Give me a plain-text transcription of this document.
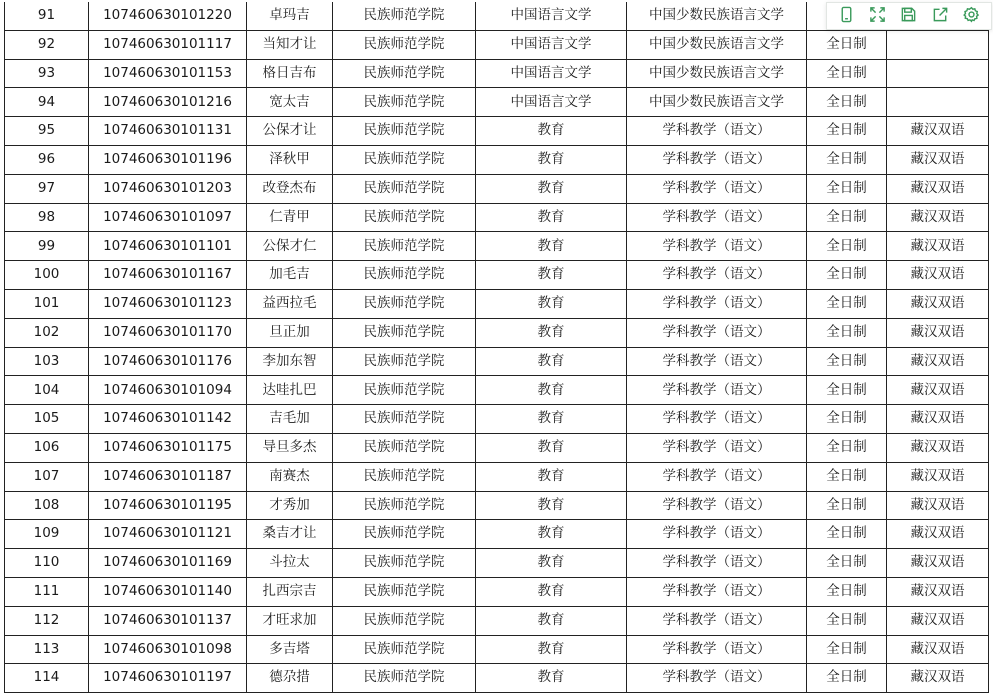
91	107460630101220	卓玛吉	民族师范学院	中国语言文学	中国少数民族语言文学		
92	107460630101117	当知才让	民族师范学院	中国语言文学	中国少数民族语言文学	全日制	
93	107460630101153	格日吉布	民族师范学院	中国语言文学	中国少数民族语言文学	全日制	
94	107460630101216	宽太吉	民族师范学院	中国语言文学	中国少数民族语言文学	全日制	
95	107460630101131	公保才让	民族师范学院	教育	学科教学（语文）	全日制	藏汉双语
96	107460630101196	泽秋甲	民族师范学院	教育	学科教学（语文）	全日制	藏汉双语
97	107460630101203	改登杰布	民族师范学院	教育	学科教学（语文）	全日制	藏汉双语
98	107460630101097	仁青甲	民族师范学院	教育	学科教学（语文）	全日制	藏汉双语
99	107460630101101	公保才仁	民族师范学院	教育	学科教学（语文）	全日制	藏汉双语
100	107460630101167	加毛吉	民族师范学院	教育	学科教学（语文）	全日制	藏汉双语
101	107460630101123	益西拉毛	民族师范学院	教育	学科教学（语文）	全日制	藏汉双语
102	107460630101170	旦正加	民族师范学院	教育	学科教学（语文）	全日制	藏汉双语
103	107460630101176	李加东智	民族师范学院	教育	学科教学（语文）	全日制	藏汉双语
104	107460630101094	达哇扎巴	民族师范学院	教育	学科教学（语文）	全日制	藏汉双语
105	107460630101142	吉毛加	民族师范学院	教育	学科教学（语文）	全日制	藏汉双语
106	107460630101175	导旦多杰	民族师范学院	教育	学科教学（语文）	全日制	藏汉双语
107	107460630101187	南赛杰	民族师范学院	教育	学科教学（语文）	全日制	藏汉双语
108	107460630101195	才秀加	民族师范学院	教育	学科教学（语文）	全日制	藏汉双语
109	107460630101121	桑吉才让	民族师范学院	教育	学科教学（语文）	全日制	藏汉双语
110	107460630101169	斗拉太	民族师范学院	教育	学科教学（语文）	全日制	藏汉双语
111	107460630101140	扎西宗吉	民族师范学院	教育	学科教学（语文）	全日制	藏汉双语
112	107460630101137	才旺求加	民族师范学院	教育	学科教学（语文）	全日制	藏汉双语
113	107460630101098	多吉塔	民族师范学院	教育	学科教学（语文）	全日制	藏汉双语
114	107460630101197	德尕措	民族师范学院	教育	学科教学（语文）	全日制	藏汉双语
